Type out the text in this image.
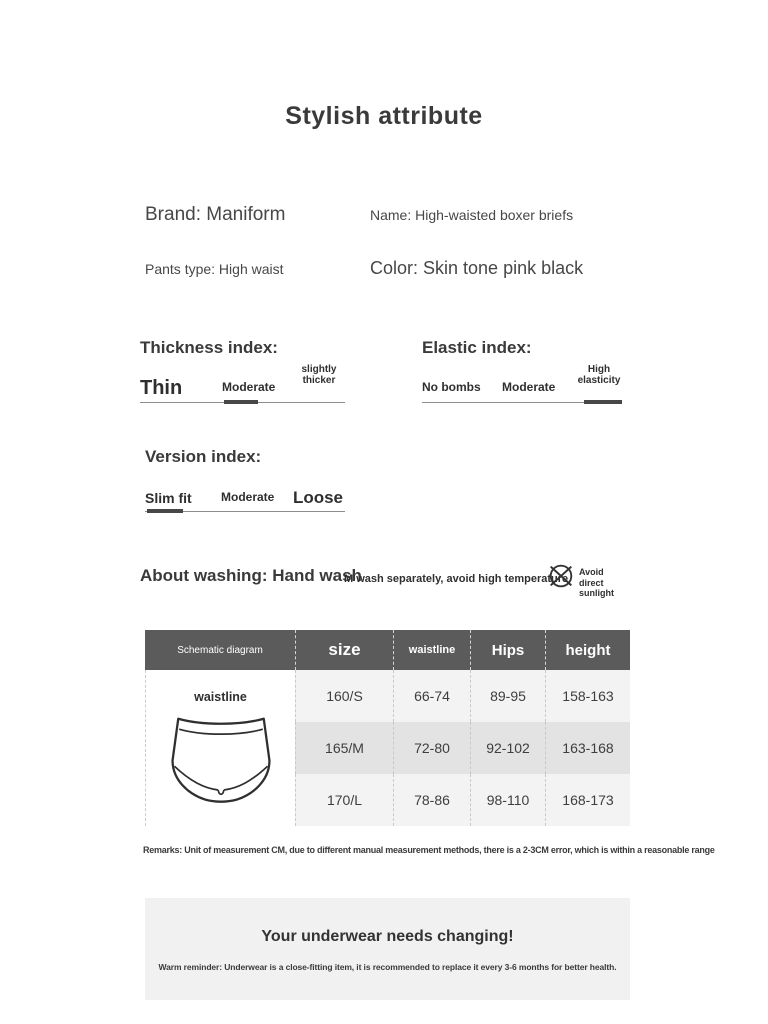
Stylish attribute
Brand: Maniform	Name: High-waisted boxer briefs
Pants type: High waist	Color: Skin tone pink black
Thickness index:
Thin	Moderate
slightly thicker
Elastic index:
No bombs Moderate
High elasticity
Version index:
Slim fit Moderate Loose
About washing: Hand wash
M wash separately, avoid high temperature
Avoid direct sunlight
Schematic diagram	size	waistline	Hips	height
waistline	160/S	66-74	89-95	158-163
165/M	72-80	92-102	163-168
170/L	78-86	98-110	168-173
Remarks: Unit of measurement CM, due to different manual measurement methods, there is a 2-3CM error, which is within a reasonable range
Your underwear needs changing!
Warm reminder: Underwear is a close-fitting item, it is recommended to replace it every 3-6 months for better health.
